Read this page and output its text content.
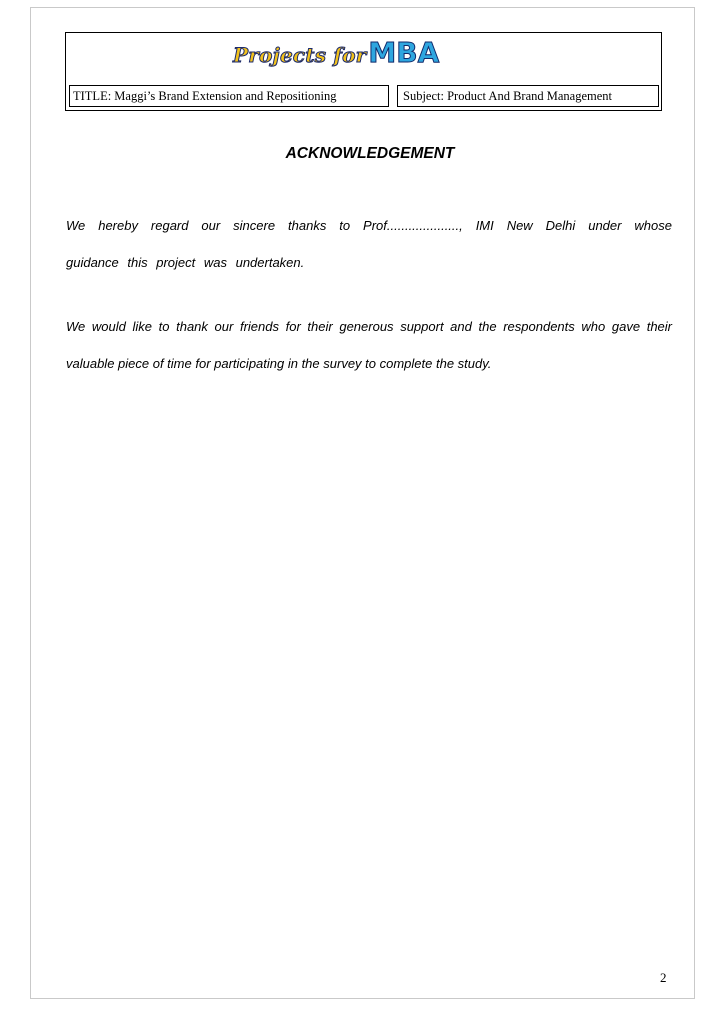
Projects forMBA
TITLE: Maggi’s Brand Extension and Repositioning	Subject: Product And Brand Management
ACKNOWLEDGEMENT

We hereby regard our sincere thanks to Prof...................., IMI New Delhi under whose guidance this project was undertaken.

We would like to thank our friends for their generous support and the respondents who gave their valuable piece of time for participating in the survey to complete the study.

2
